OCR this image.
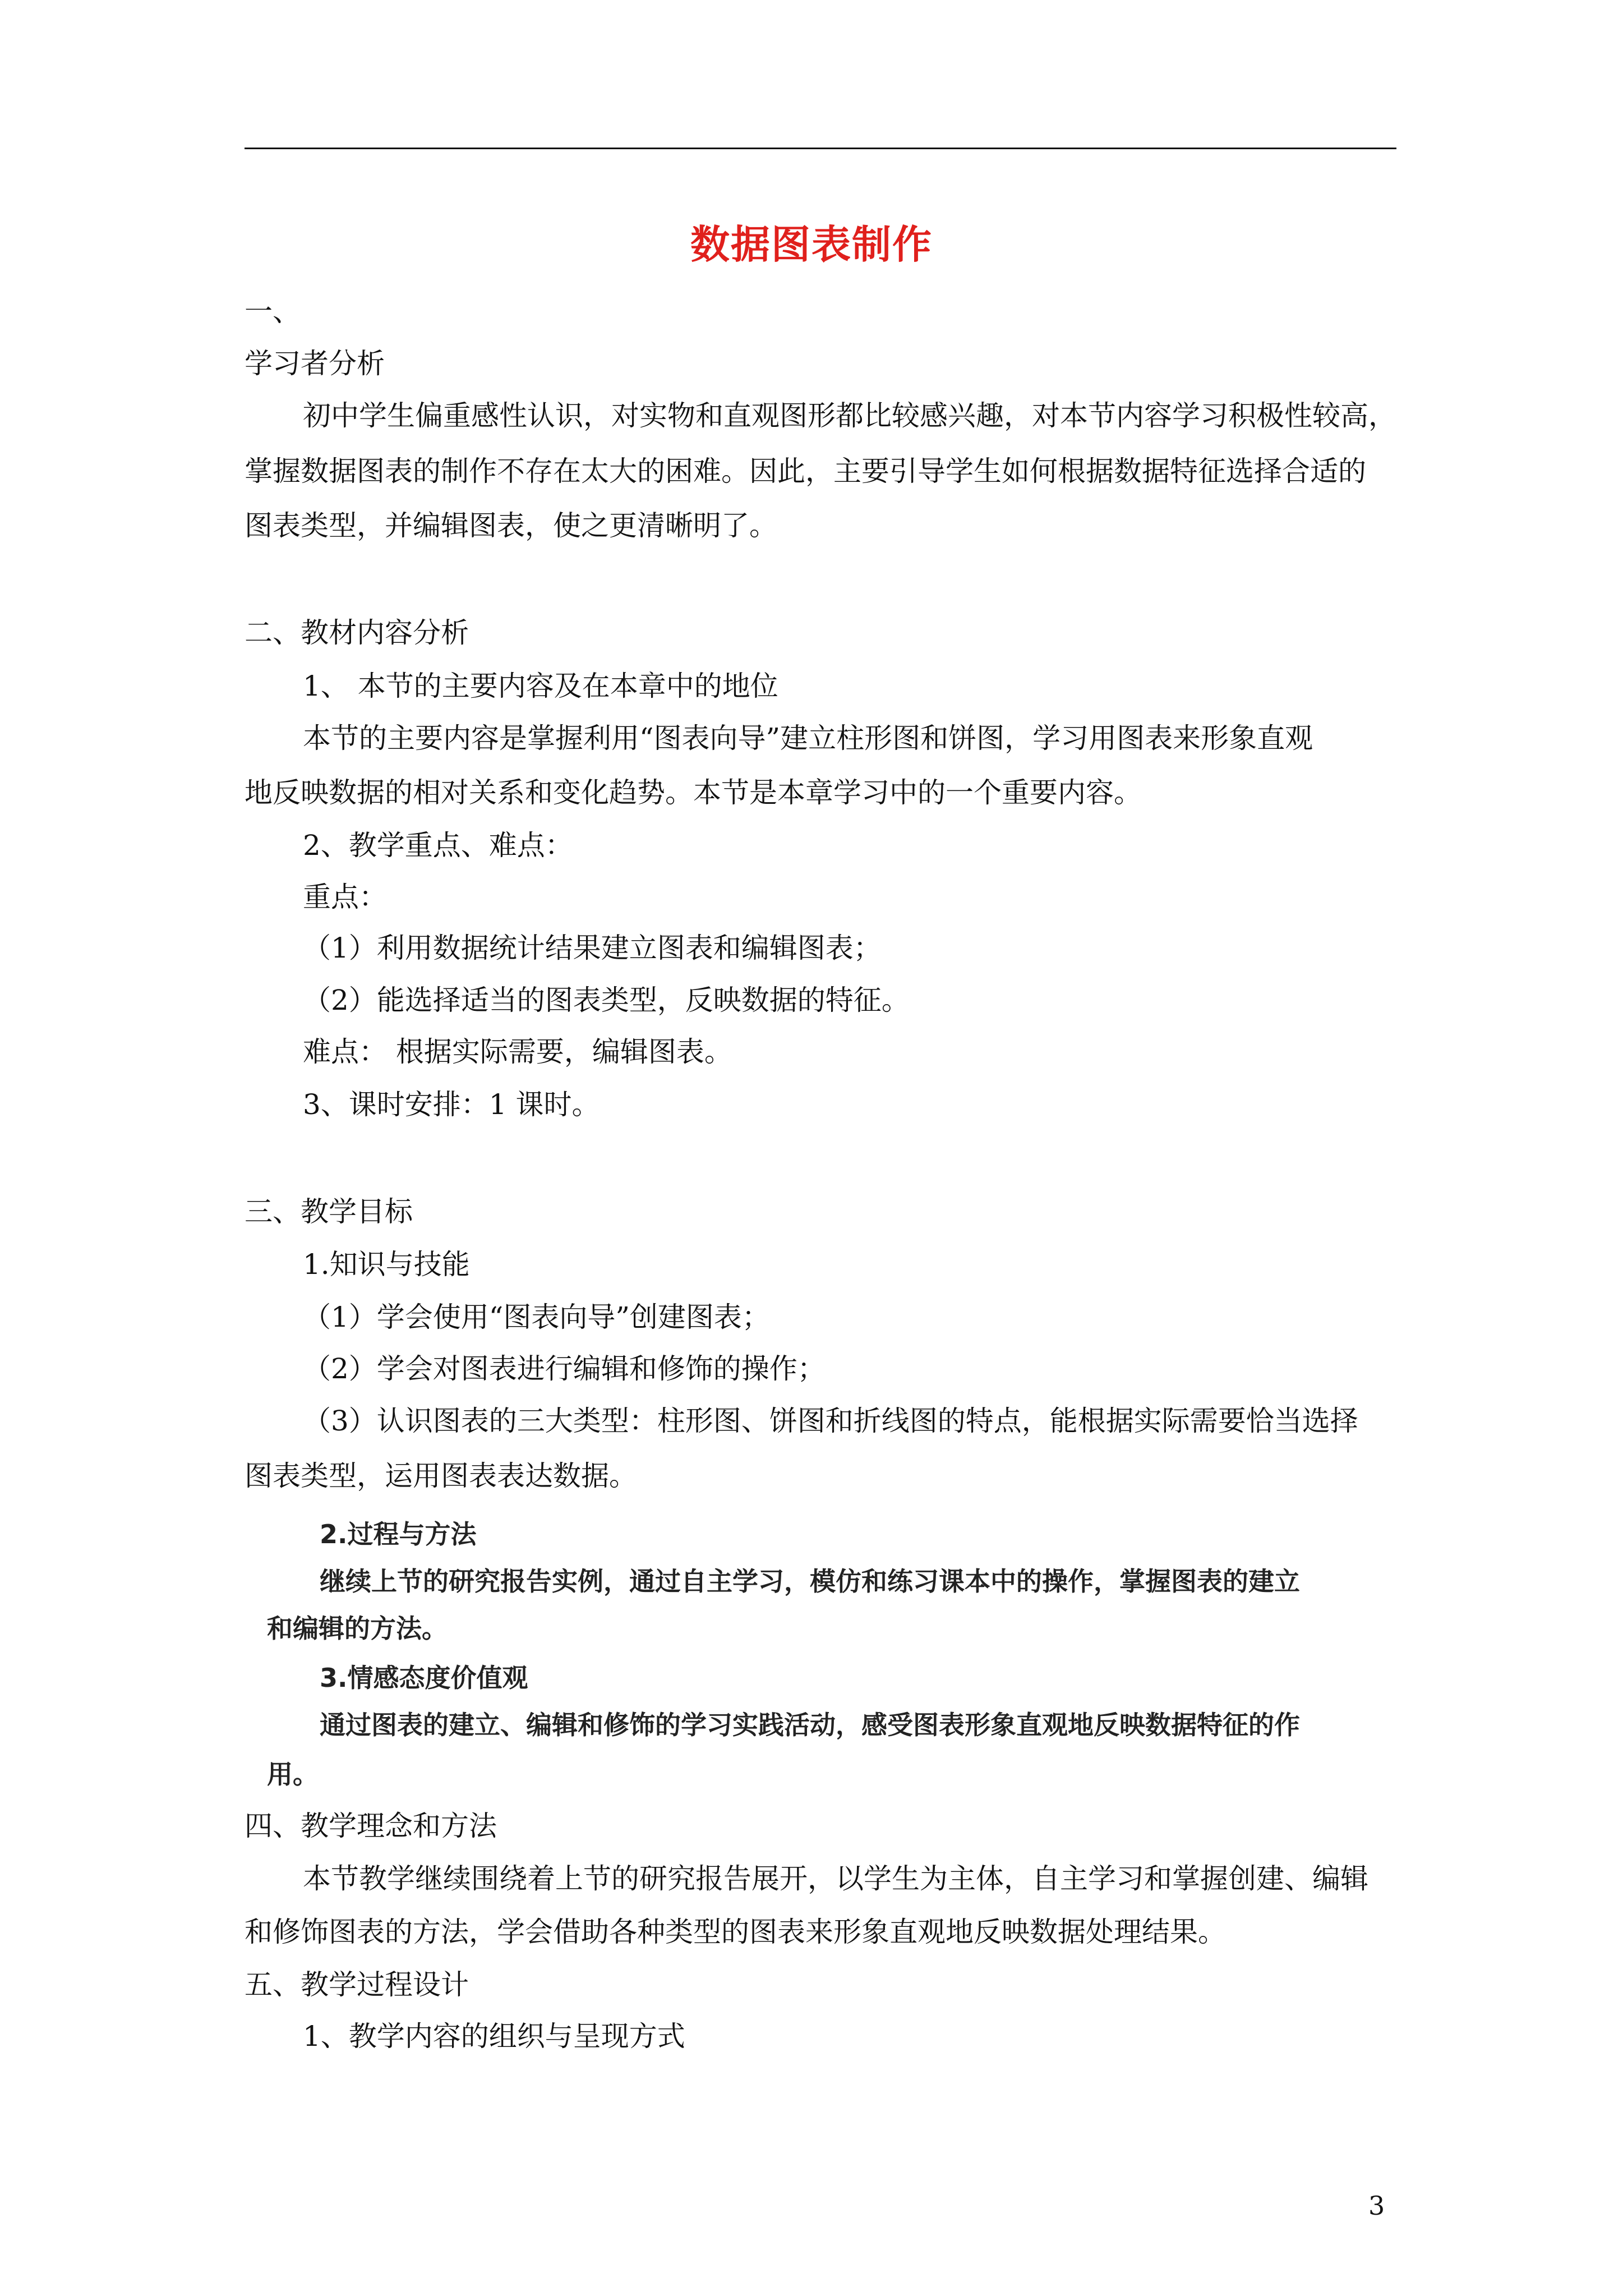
数据图表制作
一、
学习者分析
初中学生偏重感性认识，对实物和直观图形都比较感兴趣，对本节内容学习积极性较高，
掌握数据图表的制作不存在太大的困难。因此，主要引导学生如何根据数据特征选择合适的
图表类型，并编辑图表，使之更清晰明了。
二、教材内容分析
1、 本节的主要内容及在本章中的地位
本节的主要内容是掌握利用“图表向导”建立柱形图和饼图，学习用图表来形象直观
地反映数据的相对关系和变化趋势。本节是本章学习中的一个重要内容。
2、教学重点、难点：
重点：
（1）利用数据统计结果建立图表和编辑图表；
（2）能选择适当的图表类型，反映数据的特征。
难点： 根据实际需要，编辑图表。
3、课时安排：1 课时。
三、教学目标
1.知识与技能
（1）学会使用“图表向导”创建图表；
（2）学会对图表进行编辑和修饰的操作；
（3）认识图表的三大类型：柱形图、饼图和折线图的特点，能根据实际需要恰当选择
图表类型，运用图表表达数据。
2.过程与方法
继续上节的研究报告实例，通过自主学习，模仿和练习课本中的操作，掌握图表的建立
和编辑的方法。
3.情感态度价值观
通过图表的建立、编辑和修饰的学习实践活动，感受图表形象直观地反映数据特征的作
用。
四、教学理念和方法
本节教学继续围绕着上节的研究报告展开，以学生为主体，自主学习和掌握创建、编辑
和修饰图表的方法，学会借助各种类型的图表来形象直观地反映数据处理结果。
五、教学过程设计
1、教学内容的组织与呈现方式
3
